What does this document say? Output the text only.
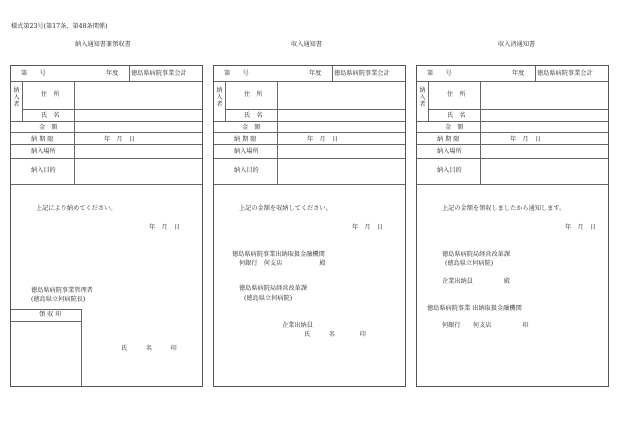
様式第23号(第17条、第48条関係)
納入通知書兼領収書
第　　号	年度 徳島県病院事業会計
納入者
住　所
氏　名
金　額
納 期 限	年　月　日
納入場所
納入目的
上記により納めてください。
年　月　日
徳島県病院事業管理者
(徳島県立何病院長)
領 収 印
氏　　　名　　　印
収入通知書
第　　号	年度 徳島県病院事業会計
納入者
住　所
氏　名
金　額
納 期 限	年　月　日
納入場所
納入目的
上記の金額を収納してください。
年　月　日
徳島県病院事業出納取扱金融機関
何銀行　何支店　　　　　　殿
徳島県病院局経営改革課
(徳島県立何病院)
企業出納員
氏　　　名　　　　印
収入済通知書
第　　号	年度 徳島県病院事業会計
納入者
住　所
氏　名
金　額
納 期 限	年　月　日
納入場所
納入目的
上記の金額を領収しましたから通知します。
年　月　日
徳島県病院局経営改革課
(徳島県立何病院)
企業出納員　　　　　殿
徳島県病院事業 出納取扱金融機関
何銀行　　何支店　　　　　印
